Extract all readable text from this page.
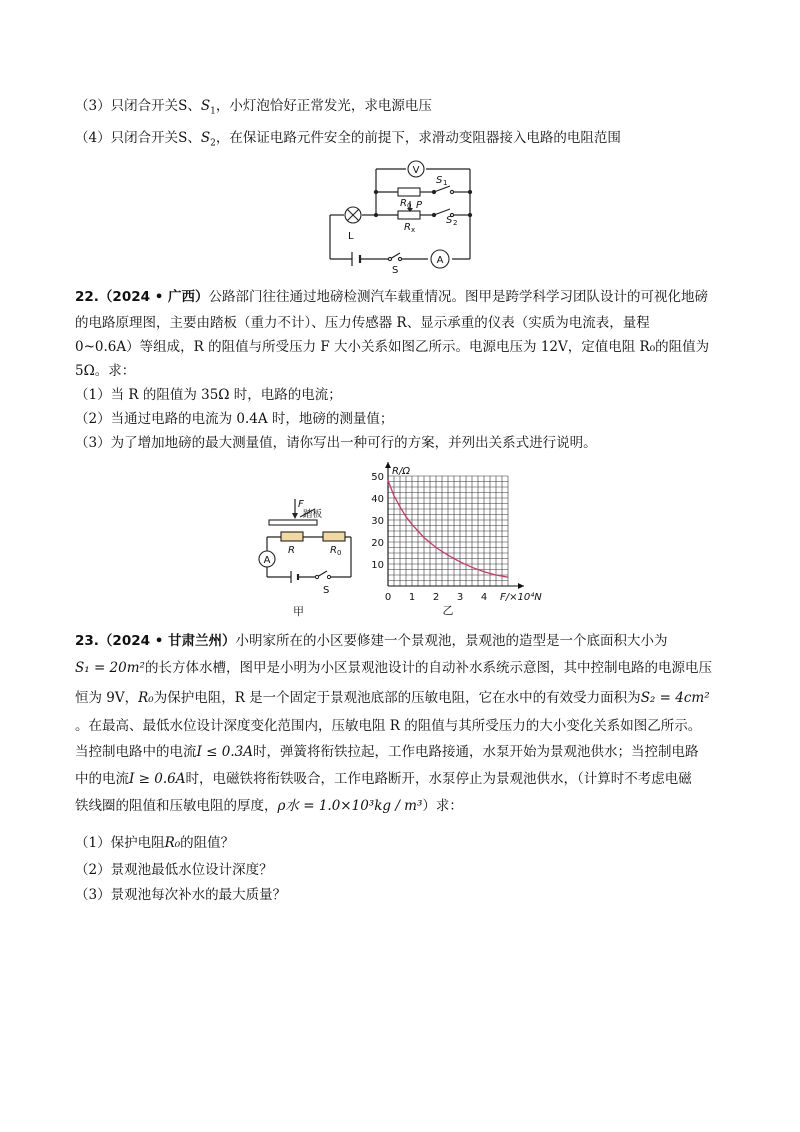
（3）只闭合开关S、$S_1$，小灯泡恰好正常发光，求电源电压
（4）只闭合开关S、$S_2$，在保证电路元件安全的前提下，求滑动变阻器接入电路的电阻范围
V
A
S 1
S 2
R 0 P
R x
L
S
22.（2024 • 广西）公路部门往往通过地磅检测汽车载重情况。图甲是跨学科学习团队设计的可视化地磅
的电路原理图，主要由踏板（重力不计）、压力传感器 R、显示承重的仪表（实质为电流表，量程
0~0.6A）等组成，R 的阻值与所受压力 F 大小关系如图乙所示。电源电压为 12V，定值电阻 R₀的阻值为
5Ω。求：
（1）当 R 的阻值为 35Ω 时，电路的电流；
（2）当通过电路的电流为 0.4A 时，地磅的测量值；
（3）为了增加地磅的最大测量值，请你写出一种可行的方案，并列出关系式进行说明。
F
踏板
R	R 0
A
S
甲
0 1 2 3 4
10
20
30
40
50
R/Ω
F/×10⁴N
乙
23.（2024 • 甘肃兰州）小明家所在的小区要修建一个景观池，景观池的造型是一个底面积大小为
S₁ = 20m²的长方体水槽，图甲是小明为小区景观池设计的自动补水系统示意图，其中控制电路的电源电压
恒为 9V，R₀为保护电阻，R 是一个固定于景观池底部的压敏电阻，它在水中的有效受力面积为S₂ = 4cm²
。在最高、最低水位设计深度变化范围内，压敏电阻 R 的阻值与其所受压力的大小变化关系如图乙所示。
当控制电路中的电流I ≤ 0.3A时，弹簧将衔铁拉起，工作电路接通，水泵开始为景观池供水；当控制电路
中的电流I ≥ 0.6A时，电磁铁将衔铁吸合，工作电路断开，水泵停止为景观池供水，（计算时不考虑电磁
铁线圈的阻值和压敏电阻的厚度，ρ水 = 1.0×10³kg / m³）求：
（1）保护电阻R₀的阻值？
（2）景观池最低水位设计深度？
（3）景观池每次补水的最大质量？
